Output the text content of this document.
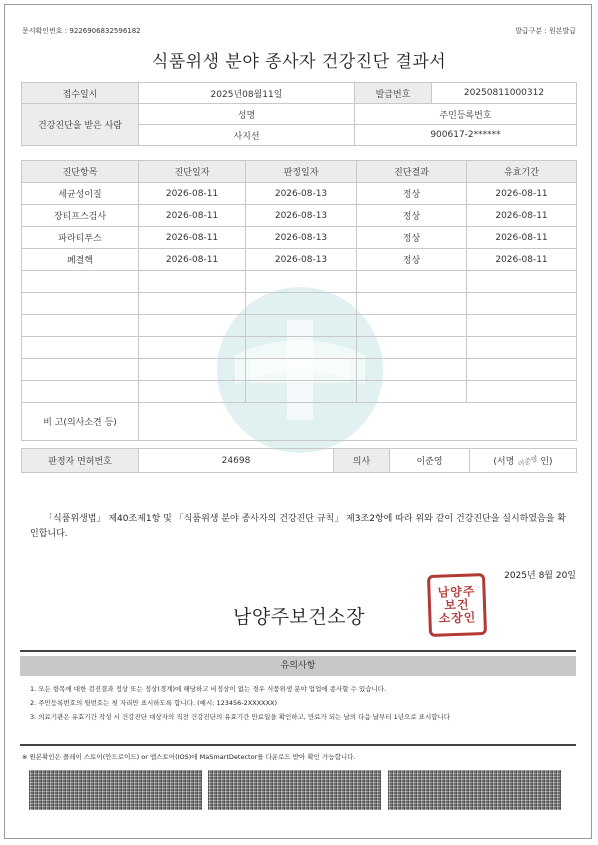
문서확인번호 : 9226906832596182	발급구분 : 원본발급
식품위생 분야 종사자 건강진단 결과서
접수일시	2025년08월11일	발급번호	20250811000312
건강진단을 받은 사람	성명	주민등록번호	
	사지선	900617-2******	
진단항목	진단일자	판정일자	진단결과	유효기간
세균성이질	2026-08-11	2026-08-13	정상	2026-08-11
장티프스검사	2026-08-11	2026-08-13	정상	2026-08-11
파라티푸스	2026-08-11	2026-08-13	정상	2026-08-11
폐결핵	2026-08-11	2026-08-13	정상	2026-08-11

비 고(의사소견 등)				
판정자 면허번호	24698	의사	이준영	(서명 이준영 인)
「식품위생법」 제40조제1항 및 「식품위생 분야 종사자의 건강진단 규칙」 제3조2항에 따라 위와 같이 건강진단을 실시하였음을 확인합니다.
2025년 8월 20일
남양주보건소장
남양주
보건
소장인
유의사항
1. 모든 항목에 대한 검진결과 정상 또는 정상(경계)에 해당하고 비정상이 없는 경우 식품위생 분야 업업에 종사할 수 있습니다.
2. 주민등록번호의 뒷번호는 첫 자리만 표시하도록 합니다. (예시: 123456-2XXXXXX)
3. 의료기관은 유효기간 작성 시 건강진단 대상자의 직전 건강진단의 유효기간 만료일을 확인하고, 만료가 되는 날의 다음 날부터 1년으로 표시합니다
※ 원본확인은 플레이 스토어(안드로이드) or 앱스토어(IOS)에 MaSmartDetector를 다운로드 받아 확인 가능합니다.
